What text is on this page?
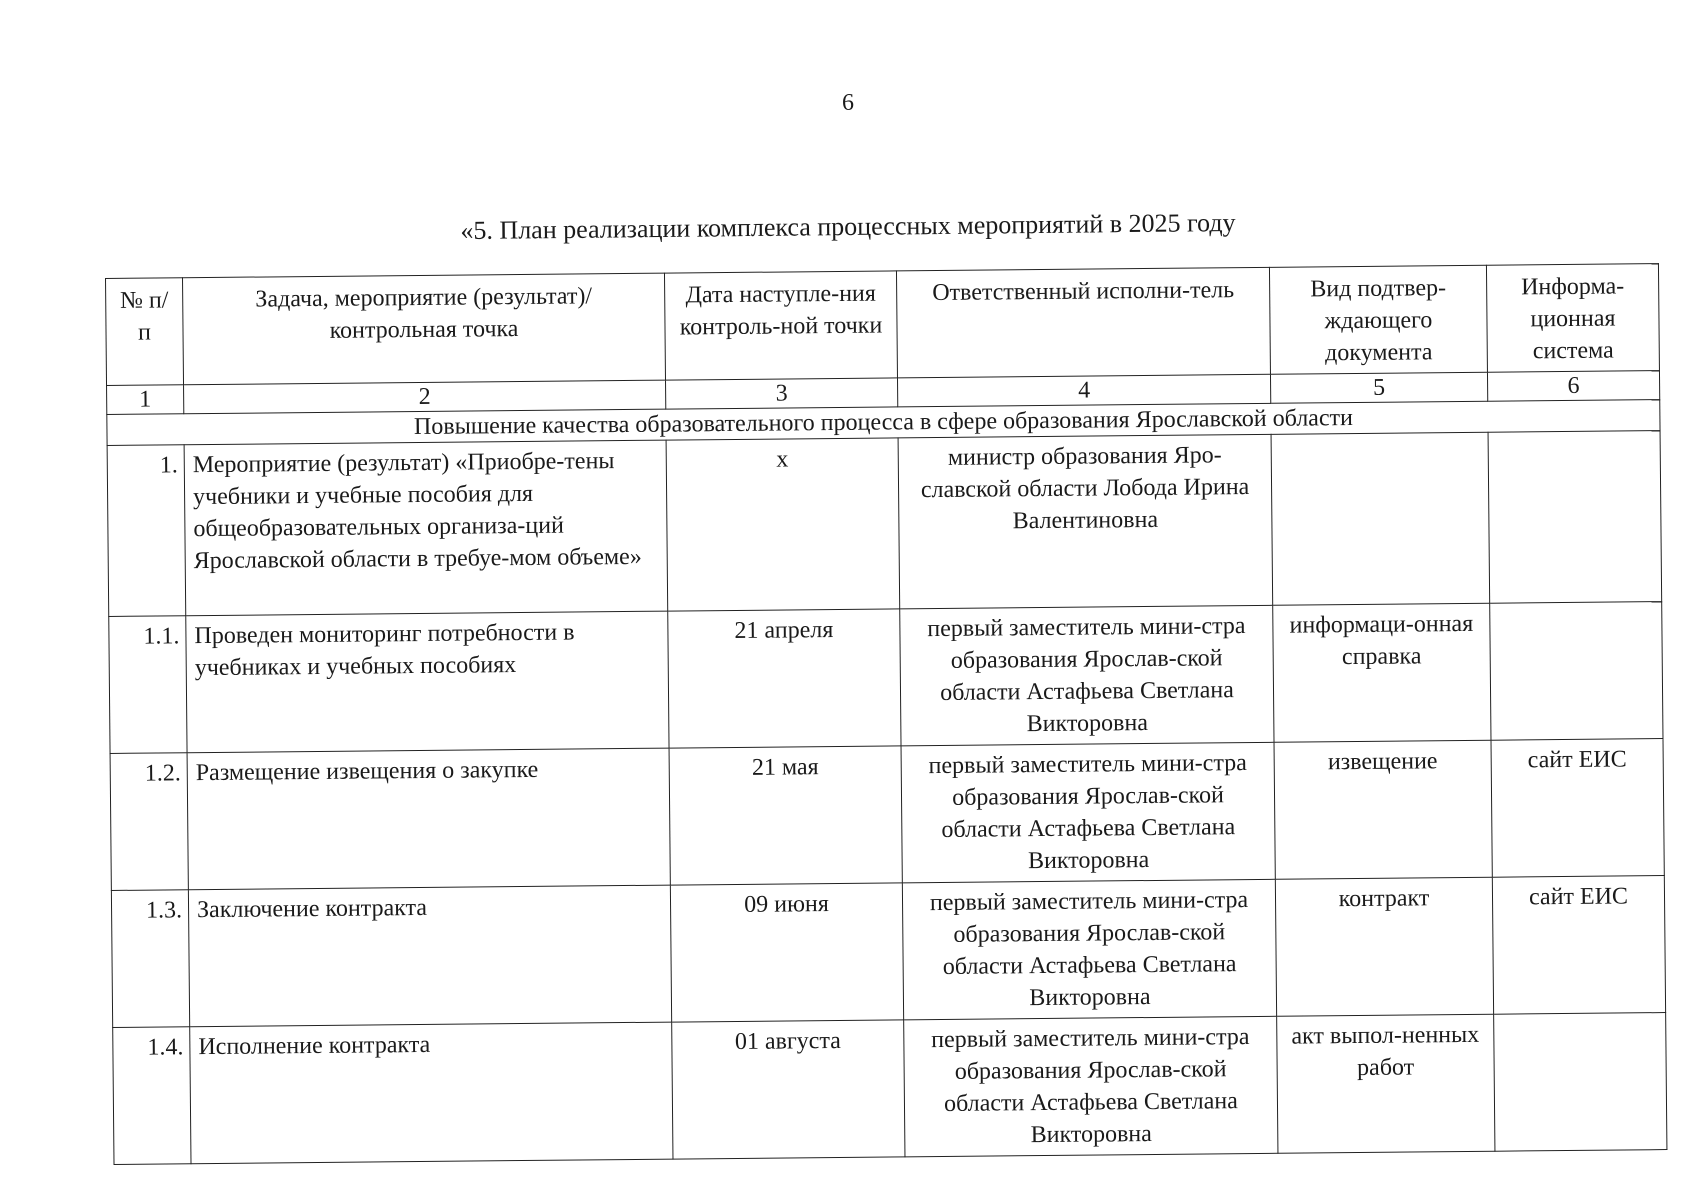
6
«5. План реализации комплекса процессных мероприятий в 2025 году
№ п/п	Задача, мероприятие (результат)/ контрольная точка	Дата наступле-ния контроль-ной точки	Ответственный исполни-тель	Вид подтвер-ждающего документа	Информа-ционная система
1	2	3	4	5	6
Повышение качества образовательного процесса в сфере образования Ярославской области					
1.	Мероприятие (результат) «Приобре-тены учебники и учебные пособия для общеобразовательных организа-ций Ярославской области в требуе-мом объеме»	х	министр образования Яро-славской области Лобода Ирина Валентиновна		
1.1.	Проведен мониторинг потребности в учебниках и учебных пособиях	21 апреля	первый заместитель мини-стра образования Ярослав-ской области Астафьева Светлана Викторовна	информаци-онная справка	
1.2.	Размещение извещения о закупке	21 мая	первый заместитель мини-стра образования Ярослав-ской области Астафьева Светлана Викторовна	извещение	сайт ЕИС
1.3.	Заключение контракта	09 июня	первый заместитель мини-стра образования Ярослав-ской области Астафьева Светлана Викторовна	контракт	сайт ЕИС
1.4.	Исполнение контракта	01 августа	первый заместитель мини-стра образования Ярослав-ской области Астафьева Светлана Викторовна	акт выпол-ненных работ	
